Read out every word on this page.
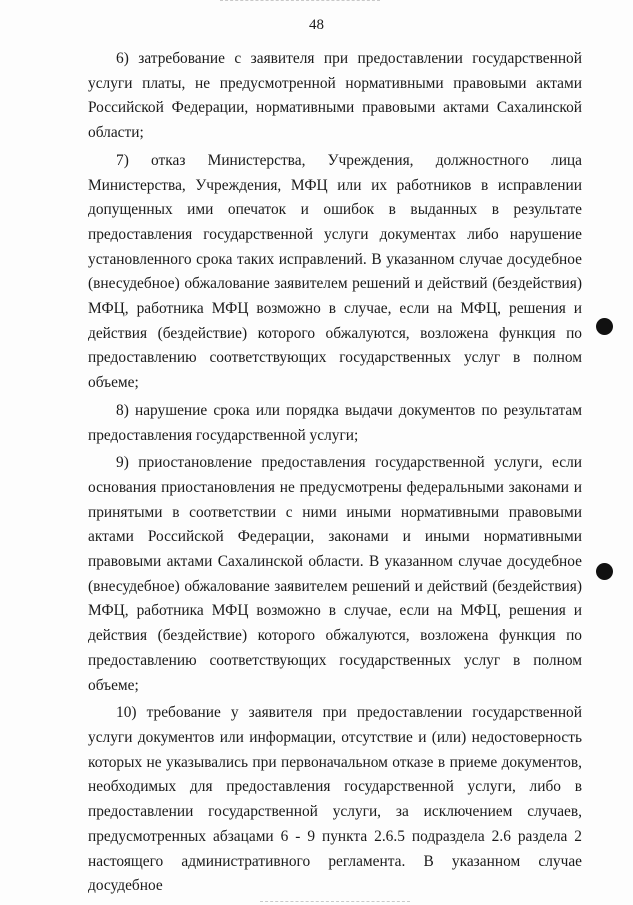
48

6) затребование с заявителя при предоставлении государственной услуги платы, не предусмотренной нормативными правовыми актами Российской Федерации, нормативными правовыми актами Сахалинской области;

7) отказ Министерства, Учреждения, должностного лица Министерства, Учреждения, МФЦ или их работников в исправлении допущенных ими опечаток и ошибок в выданных в результате предоставления государственной услуги документах либо нарушение установленного срока таких исправлений. В указанном случае досудебное (внесудебное) обжалование заявителем решений и действий (бездействия) МФЦ, работника МФЦ возможно в случае, если на МФЦ, решения и действия (бездействие) которого обжалуются, возложена функция по предоставлению соответствующих государственных услуг в полном объеме;

8) нарушение срока или порядка выдачи документов по результатам предоставления государственной услуги;

9) приостановление предоставления государственной услуги, если основания приостановления не предусмотрены федеральными законами и принятыми в соответствии с ними иными нормативными правовыми актами Российской Федерации, законами и иными нормативными правовыми актами Сахалинской области. В указанном случае досудебное (внесудебное) обжалование заявителем решений и действий (бездействия) МФЦ, работника МФЦ возможно в случае, если на МФЦ, решения и действия (бездействие) которого обжалуются, возложена функция по предоставлению соответствующих государственных услуг в полном объеме;

10) требование у заявителя при предоставлении государственной услуги документов или информации, отсутствие и (или) недостоверность которых не указывались при первоначальном отказе в приеме документов, необходимых для предоставления государственной услуги, либо в предоставлении государственной услуги, за исключением случаев, предусмотренных абзацами 6 - 9 пункта 2.6.5 подраздела 2.6 раздела 2 настоящего административного регламента. В указанном случае досудебное
